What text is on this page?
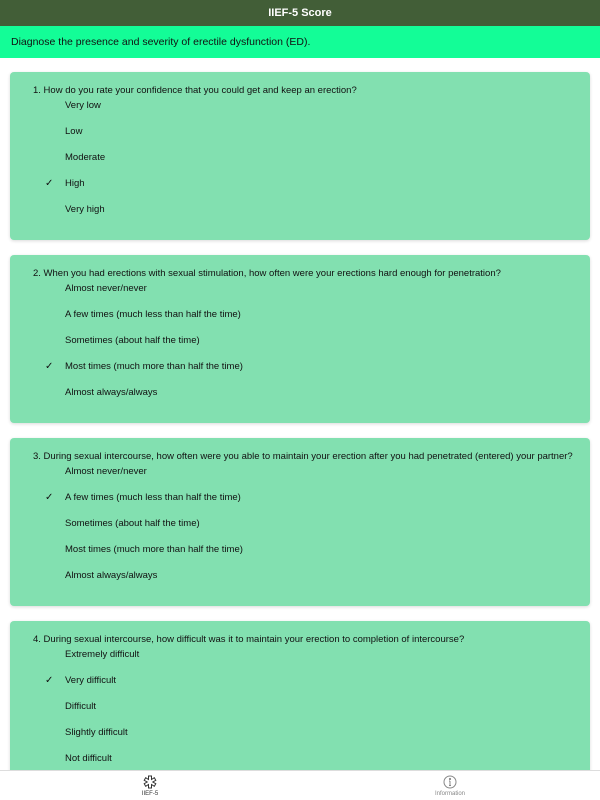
IIEF-5 Score
Diagnose the presence and severity of erectile dysfunction (ED).
1. How do you rate your confidence that you could get and keep an erection?
Very low
Low
Moderate
✓ High
Very high
2. When you had erections with sexual stimulation, how often were your erections hard enough for penetration?
Almost never/never
A few times (much less than half the time)
Sometimes (about half the time)
✓ Most times (much more than half the time)
Almost always/always
3. During sexual intercourse, how often were you able to maintain your erection after you had penetrated (entered) your partner?
Almost never/never
✓ A few times (much less than half the time)
Sometimes (about half the time)
Most times (much more than half the time)
Almost always/always
4. During sexual intercourse, how difficult was it to maintain your erection to completion of intercourse?
Extremely difficult
✓ Very difficult
Difficult
Slightly difficult
Not difficult
IIEF-5	Information
